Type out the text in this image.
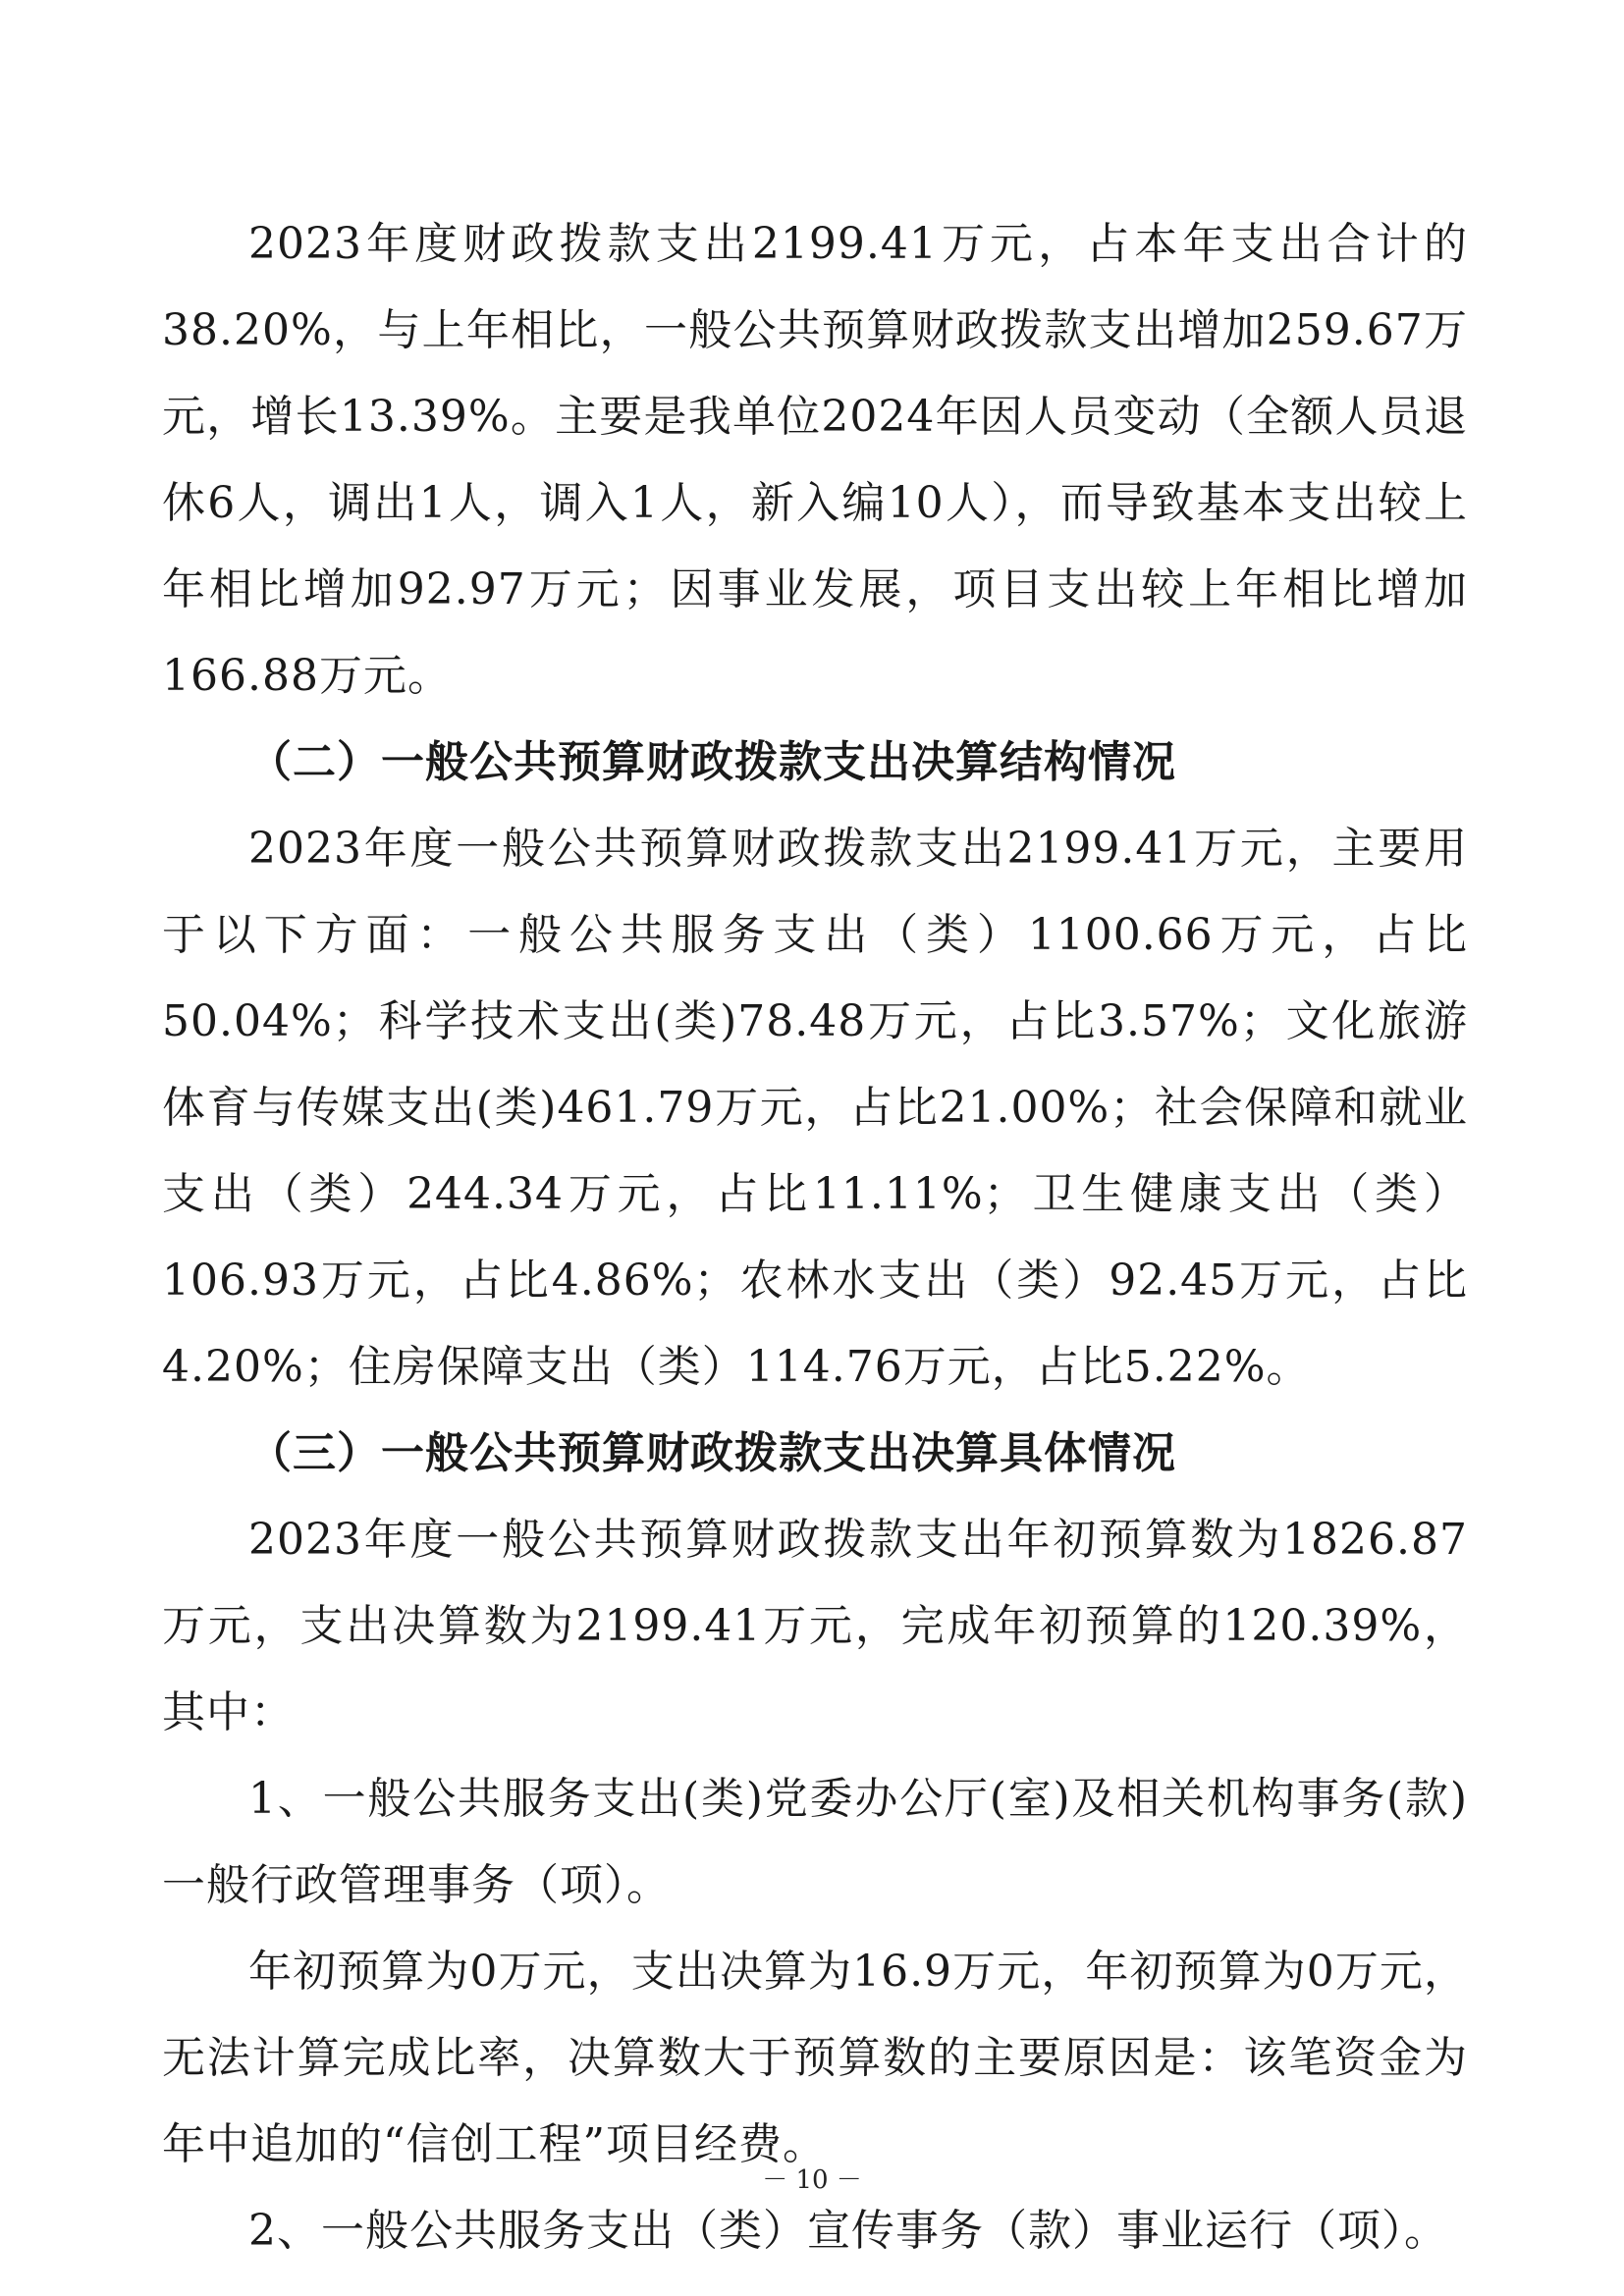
2023年度财政拨款支出2199.41万元，占本年支出合计的38.20%，与上年相比，一般公共预算财政拨款支出增加259.67万元，增长13.39%。主要是我单位2024年因人员变动（全额人员退休6人，调出1人，调入1人，新入编10人），而导致基本支出较上年相比增加92.97万元；因事业发展，项目支出较上年相比增加166.88万元。

（二）一般公共预算财政拨款支出决算结构情况

2023年度一般公共预算财政拨款支出2199.41万元，主要用于以下方面：一般公共服务支出（类）1100.66万元，占比50.04%；科学技术支出(类)78.48万元，占比3.57%；文化旅游体育与传媒支出(类)461.79万元，占比21.00%；社会保障和就业支出（类）244.34万元，占比11.11%；卫生健康支出（类）106.93万元，占比4.86%；农林水支出（类）92.45万元，占比4.20%；住房保障支出（类）114.76万元，占比5.22%。

（三）一般公共预算财政拨款支出决算具体情况

2023年度一般公共预算财政拨款支出年初预算数为1826.87万元，支出决算数为2199.41万元，完成年初预算的120.39%，其中：

1、一般公共服务支出(类)党委办公厅(室)及相关机构事务(款)一般行政管理事务（项）。

年初预算为0万元，支出决算为16.9万元，年初预算为0万元，无法计算完成比率，决算数大于预算数的主要原因是：该笔资金为年中追加的“信创工程”项目经费。

2、一般公共服务支出（类）宣传事务（款）事业运行（项）。

－ 10 －
